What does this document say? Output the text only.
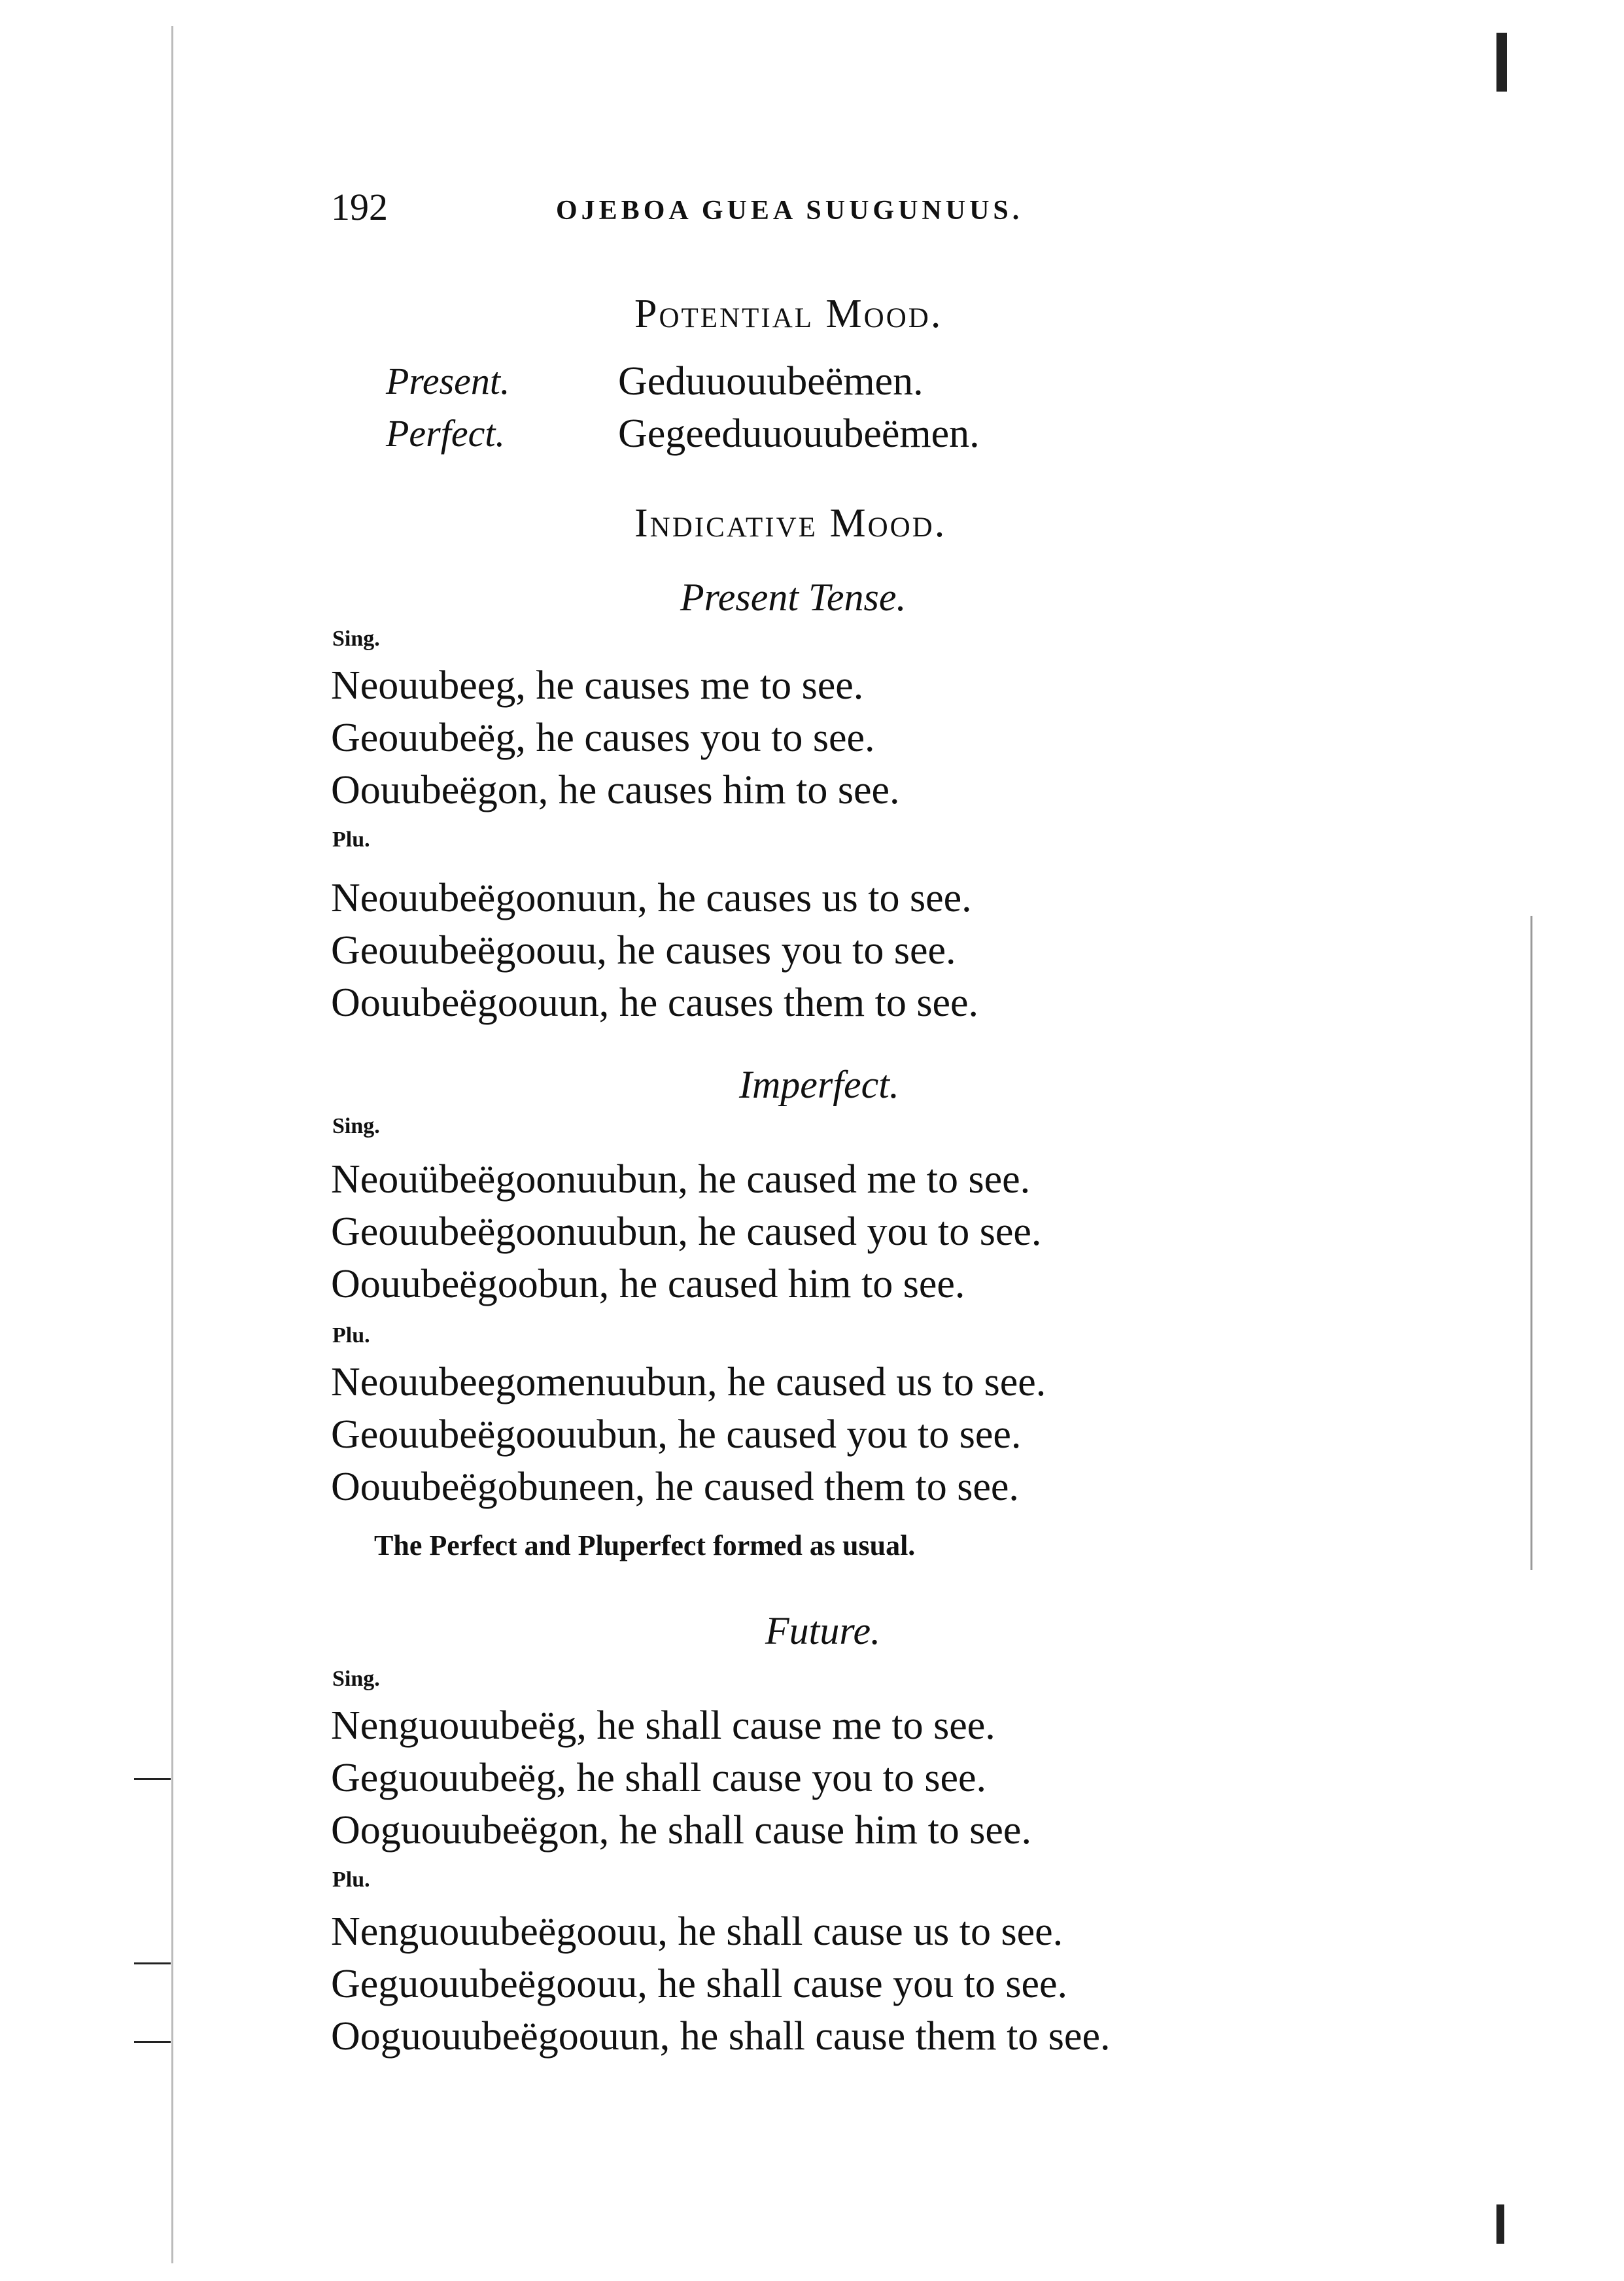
192	OJEBOA GUEA SUUGUNUUS.
Potential Mood.
Present.	Geduuouubeëmen.
Perfect.	Gegeeduuouubeëmen.
Indicative Mood.
Present Tense.
Sing.
Neouubeeg, he causes me to see.
Geouubeëg, he causes you to see.
Oouubeëgon, he causes him to see.
Plu.
Neouubeëgoonuun, he causes us to see.
Geouubeëgoouu, he causes you to see.
Oouubeëgoouun, he causes them to see.
Imperfect.
Sing.
Neouübeëgoonuubun, he caused me to see.
Geouubeëgoonuubun, he caused you to see.
Oouubeëgoobun, he caused him to see.
Plu.
Neouubeegomenuubun, he caused us to see.
Geouubeëgoouubun, he caused you to see.
Oouubeëgobuneen, he caused them to see.
The Perfect and Pluperfect formed as usual.
Future.
Sing.
Nenguouubeëg, he shall cause me to see.
Geguouubeëg, he shall cause you to see.
Ooguouubeëgon, he shall cause him to see.
Plu.
Nenguouubeëgoouu, he shall cause us to see.
Geguouubeëgoouu, he shall cause you to see.
Ooguouubeëgoouun, he shall cause them to see.
